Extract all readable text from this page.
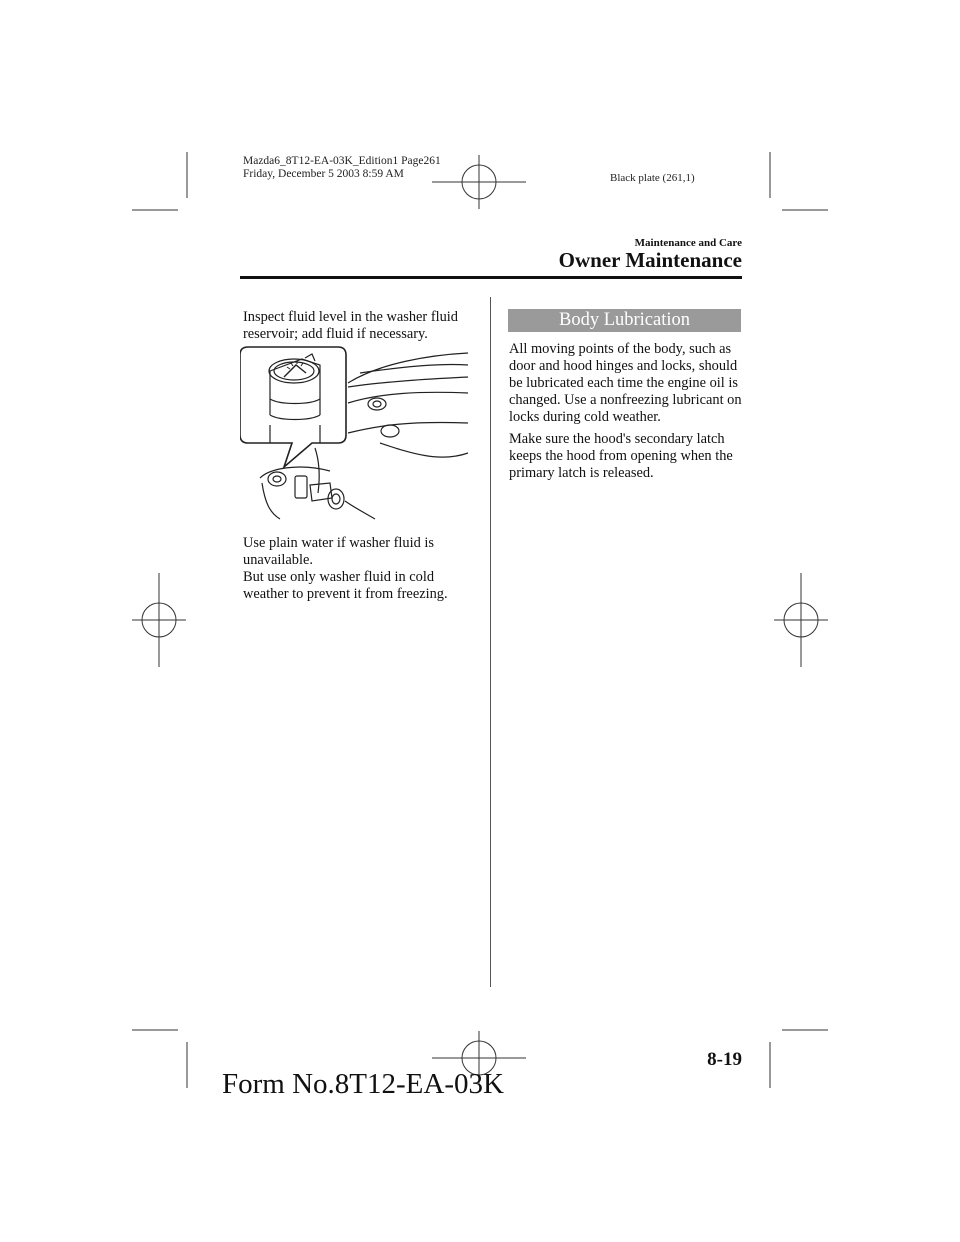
Mazda6_8T12-EA-03K_Edition1 Page261
Friday, December 5 2003 8:59 AM	Black plate (261,1)
Maintenance and Care
Owner Maintenance
Inspect fluid level in the washer fluid reservoir; add fluid if necessary.
Use plain water if washer fluid is unavailable.
But use only washer fluid in cold weather to prevent it from freezing.
Body Lubrication
All moving points of the body, such as door and hood hinges and locks, should be lubricated each time the engine oil is changed. Use a nonfreezing lubricant on locks during cold weather.
Make sure the hood's secondary latch keeps the hood from opening when the primary latch is released.
8-19
Form No.8T12-EA-03K
